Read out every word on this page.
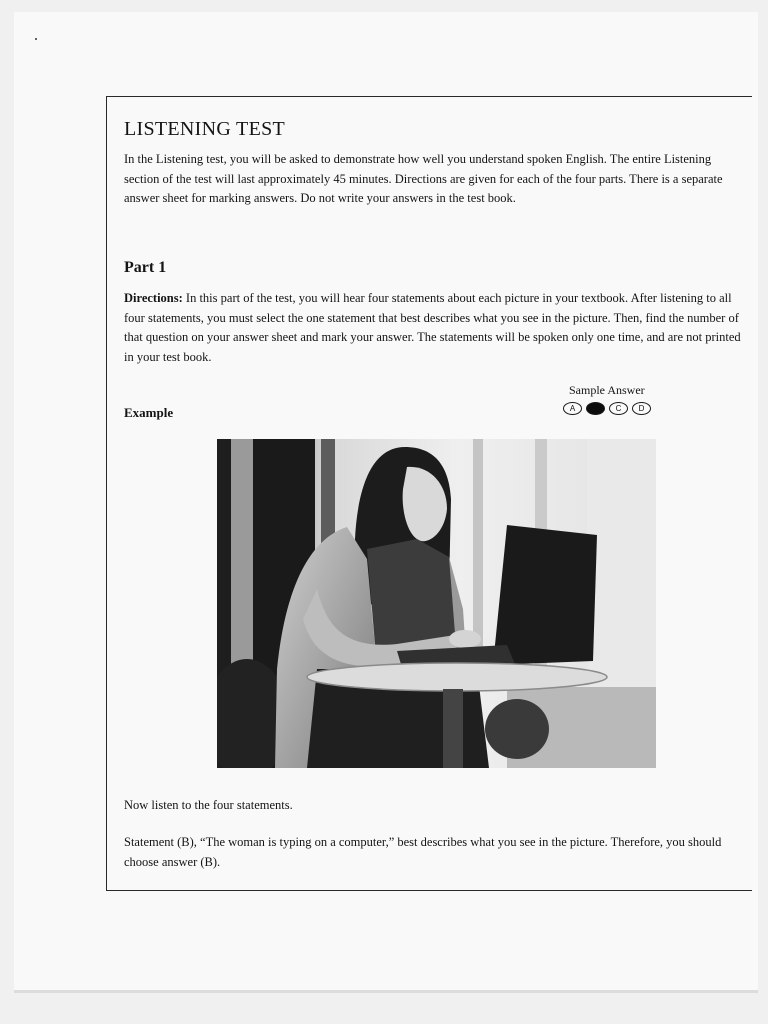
LISTENING TEST

In the Listening test, you will be asked to demonstrate how well you understand spoken English. The entire Listening section of the test will last approximately 45 minutes. Directions are given for each of the four parts. There is a separate answer sheet for marking answers. Do not write your answers in the test book.

Part 1

Directions: In this part of the test, you will hear four statements about each picture in your textbook. After listening to all four statements, you must select the one statement that best describes what you see in the picture. Then, find the number of that question on your answer sheet and mark your answer. The statements will be spoken only one time, and are not printed in your test book.

Example
Sample Answer
A	C	D

Now listen to the four statements.

Statement (B), “The woman is typing on a computer,” best describes what you see in the picture. Therefore, you should choose answer (B).
